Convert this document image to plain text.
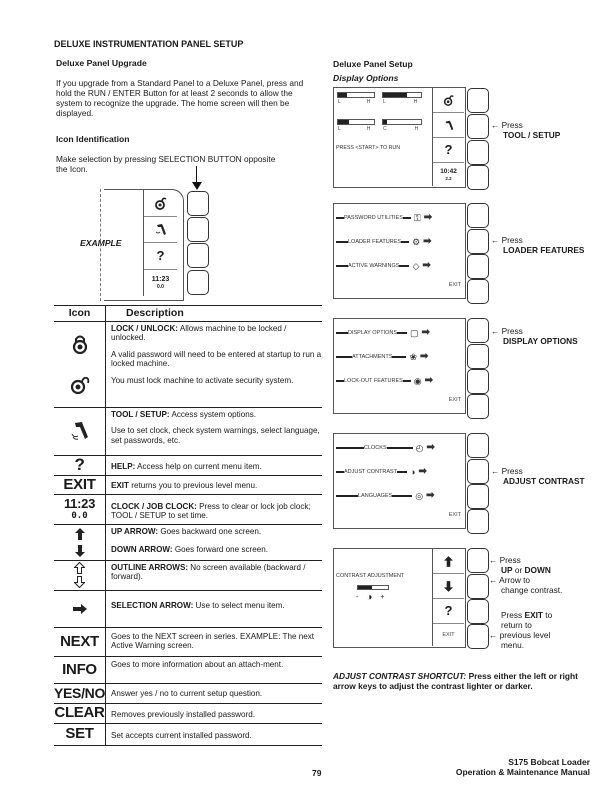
DELUXE INSTRUMENTATION PANEL SETUP
Deluxe Panel Upgrade
If you upgrade from a Standard Panel to a Deluxe Panel, press and hold the RUN / ENTER Button for at least 2 seconds to allow the system to recognize the upgrade. The home screen will then be displayed.
Icon Identification
Make selection by pressing SELECTION BUTTON opposite the Icon.
EXAMPLE
?
11:23
0.0
Icon	Description

LOCK / UNLOCK: Allows machine to be locked / unlocked.

A valid password will need to be entered at startup to run a locked machine.

You must lock machine to activate security system.

TOOL / SETUP: Access system options.

Use to set clock, check system warnings, select language, set passwords, etc.

?	HELP: Access help on current menu item.
EXIT	EXIT returns you to previous level menu.
11:23
0.0
CLOCK / JOB CLOCK: Press to clear or lock job clock; TOOL / SETUP to set time.

UP ARROW: Goes backward one screen.

DOWN ARROW: Goes forward one screen.

OUTLINE ARROWS: No screen available (backward / forward).
SELECTION ARROW: Use to select menu item.
NEXT	Goes to the NEXT screen in series. EXAMPLE: The next Active Warning screen.
INFO	Goes to more information about an attach-ment.
YES/NO Answer yes / no to current setup question.
CLEAR Removes previously installed password.
SET	Set accepts current installed password.
Deluxe Panel Setup
Display Options
L	H	L	H
L	H	C	H
PRESS <START> TO RUN	?
10:42
2.2
← Press
TOOL / SETUP
PASSWORD UTILITIES ⚿ ➡
LOADER FEATURES ⚙ ➡
ACTIVE WARNINGS ◇ ➡
EXIT
← Press
LOADER FEATURES
DISPLAY OPTIONS ▢ ➡
ATTACHMENTS ❀ ➡
LOCK-OUT FEATURES ◉ ➡
EXIT
← Press
DISPLAY OPTIONS
CLOCKS	◴ ➡
ADJUST CONTRAST ◑ ➡
LANGUAGES	◎ ➡
EXIT
← Press
ADJUST CONTRAST
CONTRAST ADJUSTMENT
- ◑ +
?
EXIT
← Press
UP or DOWN
← Arrow to
change contrast.
Press EXIT to
return to
← previous level
menu.
ADJUST CONTRAST SHORTCUT: Press either the left or right arrow keys to adjust the contrast lighter or darker.
79
S175 Bobcat Loader
Operation & Maintenance Manual
